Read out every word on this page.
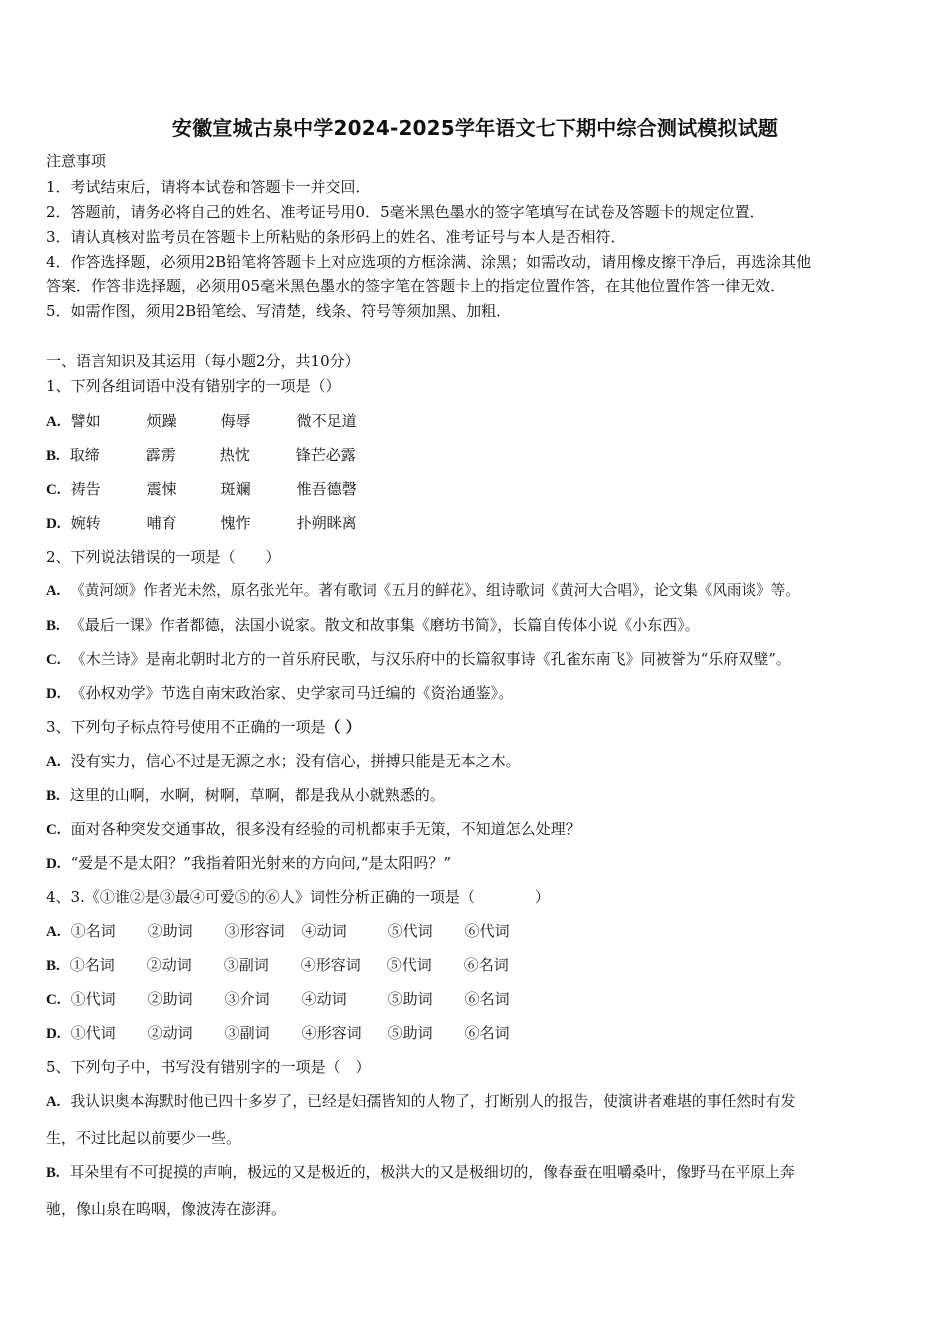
安徽宣城古泉中学2024-2025学年语文七下期中综合测试模拟试题
注意事项
1．考试结束后，请将本试卷和答题卡一并交回．
2．答题前，请务必将自己的姓名、准考证号用0．5毫米黑色墨水的签字笔填写在试卷及答题卡的规定位置．
3．请认真核对监考员在答题卡上所粘贴的条形码上的姓名、准考证号与本人是否相符．
4．作答选择题，必须用2B铅笔将答题卡上对应选项的方框涂满、涂黑；如需改动，请用橡皮擦干净后，再选涂其他
答案．作答非选择题，必须用05毫米黑色墨水的签字笔在答题卡上的指定位置作答，在其他位置作答一律无效．
5．如需作图，须用2B铅笔绘、写清楚，线条、符号等须加黑、加粗．
一、语言知识及其运用（每小题2分，共10分）
1、下列各组词语中没有错别字的一项是（）
A. 譬如	烦躁	侮辱	微不足道
B. 取缔	霹雳	热忱	锋芒必露
C. 祷告	震悚	斑斓	惟吾德磬
D. 婉转	哺育	愧怍	扑朔眯离
2、下列说法错误的一项是（　　）
A. 《黄河颂》作者光未然，原名张光年。著有歌词《五月的鲜花》、组诗歌词《黄河大合唱》，论文集《风雨谈》等。
B. 《最后一课》作者都德，法国小说家。散文和故事集《磨坊书简》，长篇自传体小说《小东西》。
C. 《木兰诗》是南北朝时北方的一首乐府民歌，与汉乐府中的长篇叙事诗《孔雀东南飞》同被誉为“乐府双璧”。
D. 《孙权劝学》节选自南宋政治家、史学家司马迁编的《资治通鉴》。
3、下列句子标点符号使用不正确的一项是（ ）
A. 没有实力，信心不过是无源之水；没有信心，拼搏只能是无本之木。
B. 这里的山啊，水啊，树啊，草啊，都是我从小就熟悉的。
C. 面对各种突发交通事故，很多没有经验的司机都束手无策，不知道怎么处理？
D. “爱是不是太阳？”我指着阳光射来的方向问,“是太阳吗？”
4、3.《①谁②是③最④可爱⑤的⑥人》词性分析正确的一项是（　　　　）
A. ①名词 ②助词 ③形容词 ④动词	⑤代词 ⑥代词
B. ①名词 ②动词 ③副词 ④形容词 ⑤代词 ⑥名词
C. ①代词 ②助词 ③介词 ④动词	⑤助词 ⑥名词
D. ①代词 ②动词 ③副词 ④形容词 ⑤助词 ⑥名词
5、下列句子中，书写没有错别字的一项是（　）
A. 我认识奥本海默时他已四十多岁了，已经是妇孺皆知的人物了，打断别人的报告，使演讲者难堪的事任然时有发
生，不过比起以前要少一些。
B. 耳朵里有不可捉摸的声响，极远的又是极近的，极洪大的又是极细切的，像春蚕在咀嚼桑叶，像野马在平原上奔
驰，像山泉在呜咽，像波涛在澎湃。
